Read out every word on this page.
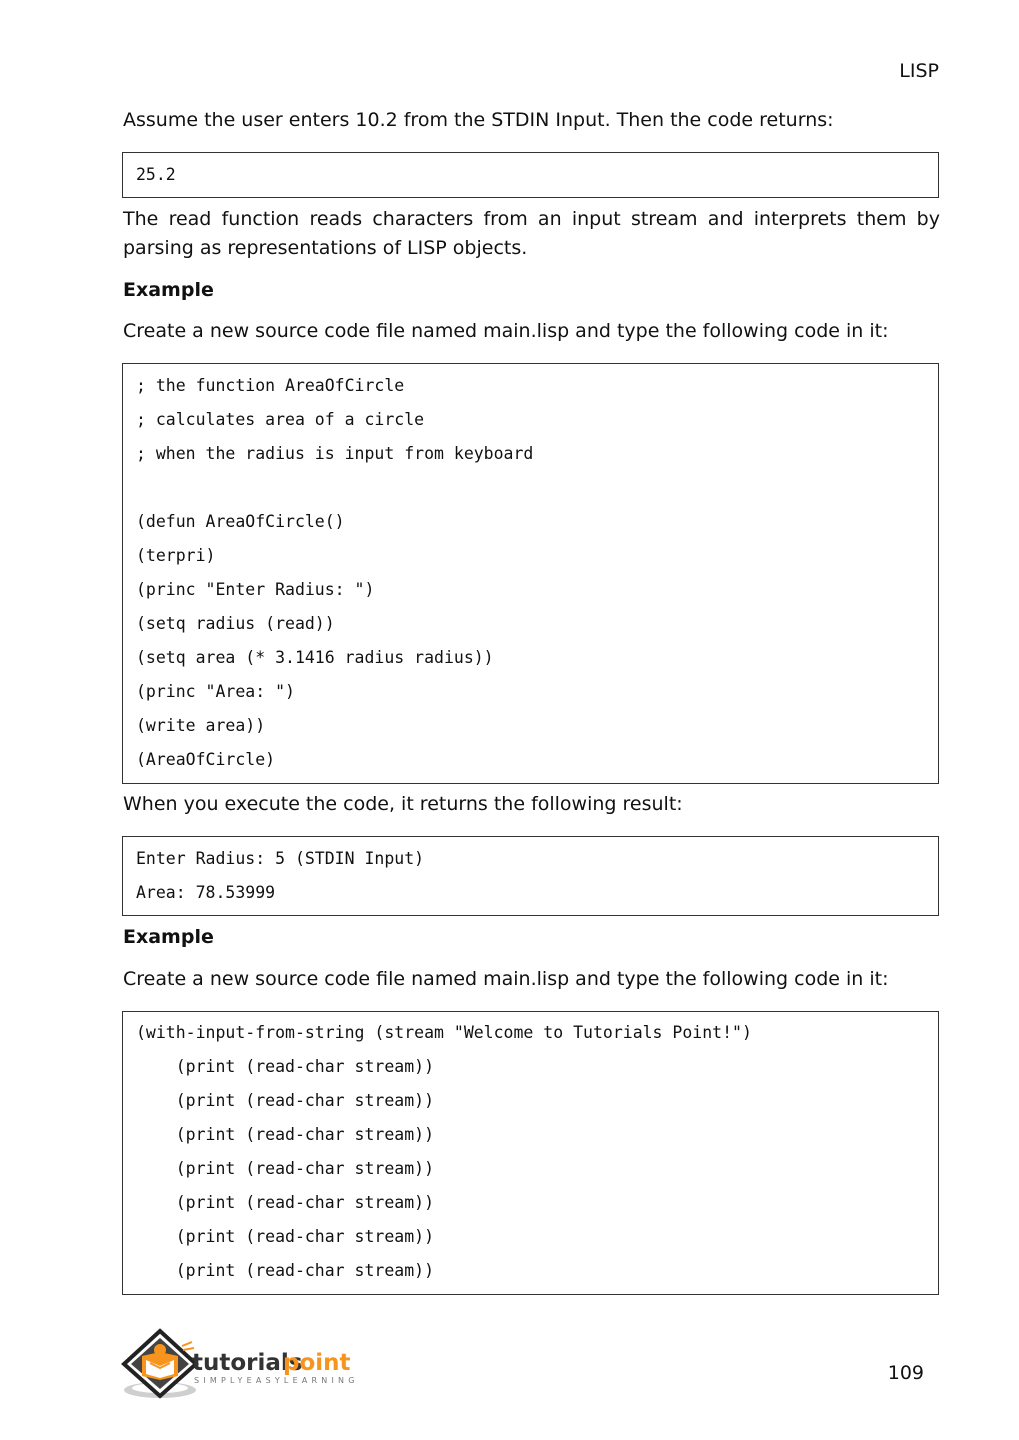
LISP
Assume the user enters 10.2 from the STDIN Input. Then the code returns:
25.2
The read function reads characters from an input stream and interprets them by parsing as representations of LISP objects.
Example
Create a new source code file named main.lisp and type the following code in it:
; the function AreaOfCircle
; calculates area of a circle
; when the radius is input from keyboard
(defun AreaOfCircle()
(terpri)
(princ "Enter Radius: ")
(setq radius (read))
(setq area (* 3.1416 radius radius))
(princ "Area: ")
(write area))
(AreaOfCircle)
When you execute the code, it returns the following result:
Enter Radius: 5 (STDIN Input)
Area: 78.53999
Example
Create a new source code file named main.lisp and type the following code in it:
(with-input-from-string (stream "Welcome to Tutorials Point!")
(print (read-char stream))
(print (read-char stream))
(print (read-char stream))
(print (read-char stream))
(print (read-char stream))
(print (read-char stream))
(print (read-char stream))
tutorials
point
SIMPLYEASYLEARNING	109
